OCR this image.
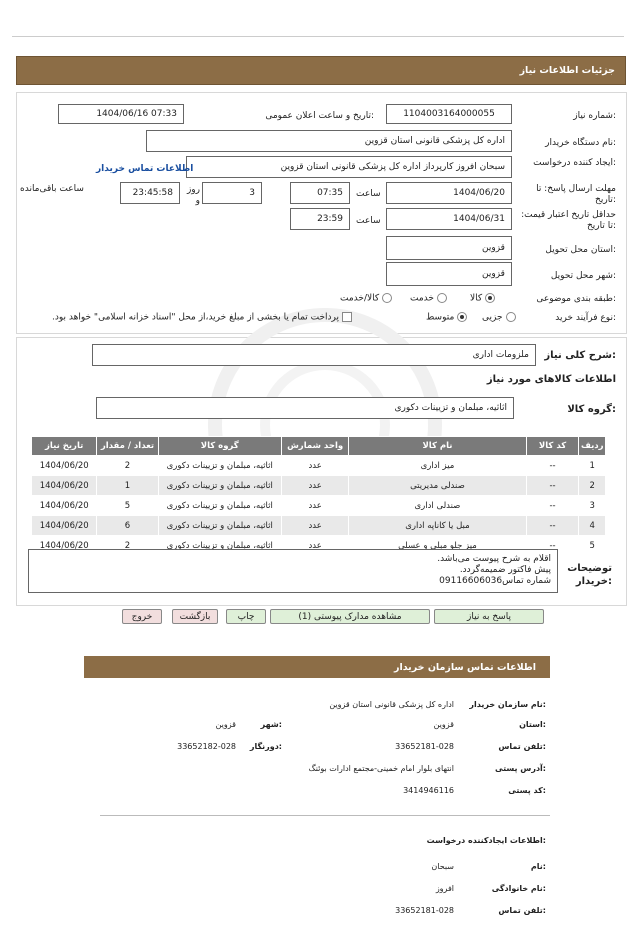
جزئیات اطلاعات نیاز
شماره نیاز:
1104003164000055
تاریخ و ساعت اعلان عمومی:
1404/06/16 07:33
نام دستگاه خریدار:
اداره کل پزشکی قانونی استان قزوین
ایجاد کننده درخواست:
سبحان افروز کارپرداز اداره کل پزشکی قانونی استان قزوین
اطلاعات تماس خریدار
مهلت ارسال پاسخ: تا تاریخ:
1404/06/20
ساعت
07:35
3
روز و
23:45:58
ساعت باقی‌مانده
حداقل تاریخ اعتبار قیمت: تا تاریخ:
1404/06/31
ساعت
23:59
استان محل تحویل:
قزوین
شهر محل تحویل:
قزوین
طبقه بندی موضوعی:
کالا
خدمت
کالا/خدمت
نوع فرآیند خرید:
جزیی
متوسط
پرداخت تمام یا بخشی از مبلغ خرید،از محل "اسناد خزانه اسلامی" خواهد بود.
شرح کلی نیاز:
ملزومات اداری
اطلاعات کالاهای مورد نیاز
گروه کالا:
اثاثیه، مبلمان و تزیینات دکوری
ردیف	کد کالا	نام کالا	واحد شمارش	گروه کالا	تعداد / مقدار	تاریخ نیاز
1	--	میز اداری	عدد	اثاثیه، مبلمان و تزیینات دکوری	2	1404/06/20
2	--	صندلی مدیریتی	عدد	اثاثیه، مبلمان و تزیینات دکوری	1	1404/06/20
3	--	صندلی اداری	عدد	اثاثیه، مبلمان و تزیینات دکوری	5	1404/06/20
4	--	مبل یا کاناپه اداری	عدد	اثاثیه، مبلمان و تزیینات دکوری	6	1404/06/20
5	--	میز جلو مبلی و عسلی	عدد	اثاثیه، مبلمان و تزیینات دکوری	2	1404/06/20
توضیحات خریدار:
اقلام به شرح پیوست می‌باشد.
پیش فاکتور ضمیمه‌گردد.
شماره تماس09116606036
پاسخ به نیاز
مشاهده مدارک پیوستی (1)
چاپ
بازگشت
خروج
اطلاعات تماس سازمان خریدار
نام سازمان خریدار:
اداره کل پزشکی قانونی استان قزوین
استان:
قزوین
شهر:
قزوین
تلفن تماس:
33652181-028
دورنگار:
33652182-028
آدرس پستی:
انتهای بلوار امام خمینی-مجتمع ادارات بوئنگ
کد پستی:
3414946116
اطلاعات ایجادکننده درخواست:
نام:
سبحان
نام خانوادگی:
افروز
تلفن تماس:
33652181-028
